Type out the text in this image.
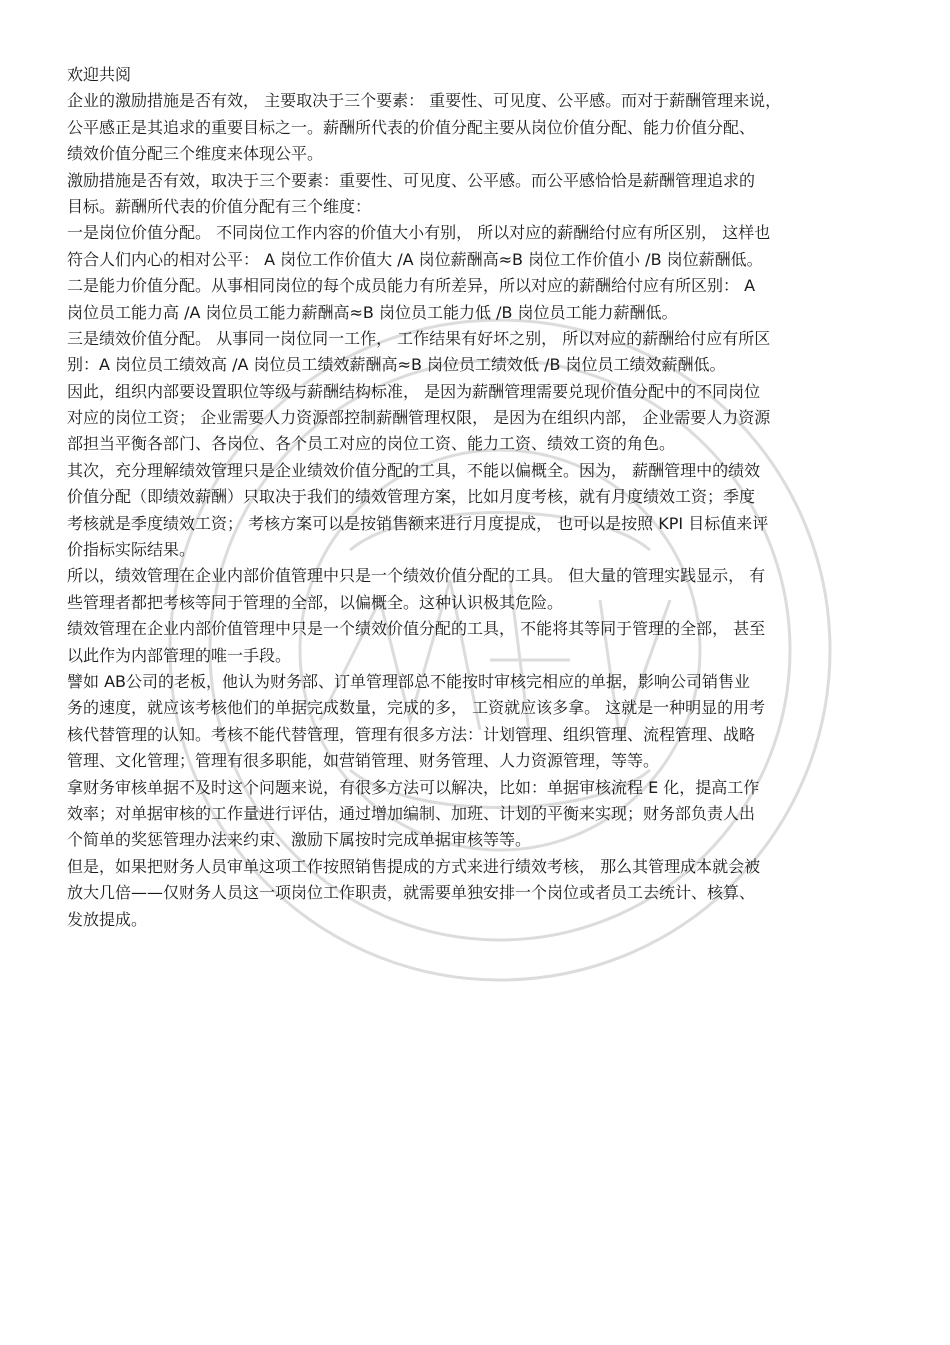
欢迎共阅
企业的激励措施是否有效， 主要取决于三个要素： 重要性、可见度、公平感。而对于薪酬管理来说，
公平感正是其追求的重要目标之一。薪酬所代表的价值分配主要从岗位价值分配、能力价值分配、
绩效价值分配三个维度来体现公平。
激励措施是否有效，取决于三个要素：重要性、可见度、公平感。而公平感恰恰是薪酬管理追求的
目标。薪酬所代表的价值分配有三个维度：
一是岗位价值分配。 不同岗位工作内容的价值大小有别， 所以对应的薪酬给付应有所区别， 这样也
符合人们内心的相对公平： A 岗位工作价值大 /A 岗位薪酬高≈B 岗位工作价值小 /B 岗位薪酬低。
二是能力价值分配。从事相同岗位的每个成员能力有所差异，所以对应的薪酬给付应有所区别： A
岗位员工能力高 /A 岗位员工能力薪酬高≈B 岗位员工能力低 /B 岗位员工能力薪酬低。
三是绩效价值分配。 从事同一岗位同一工作， 工作结果有好坏之别， 所以对应的薪酬给付应有所区
别：A 岗位员工绩效高 /A 岗位员工绩效薪酬高≈B 岗位员工绩效低 /B 岗位员工绩效薪酬低。
因此，组织内部要设置职位等级与薪酬结构标准， 是因为薪酬管理需要兑现价值分配中的不同岗位
对应的岗位工资； 企业需要人力资源部控制薪酬管理权限， 是因为在组织内部， 企业需要人力资源
部担当平衡各部门、各岗位、各个员工对应的岗位工资、能力工资、绩效工资的角色。
其次，充分理解绩效管理只是企业绩效价值分配的工具，不能以偏概全。因为， 薪酬管理中的绩效
价值分配（即绩效薪酬）只取决于我们的绩效管理方案，比如月度考核，就有月度绩效工资；季度
考核就是季度绩效工资； 考核方案可以是按销售额来进行月度提成， 也可以是按照 KPI 目标值来评
价指标实际结果。
所以，绩效管理在企业内部价值管理中只是一个绩效价值分配的工具。 但大量的管理实践显示， 有
些管理者都把考核等同于管理的全部，以偏概全。这种认识极其危险。
绩效管理在企业内部价值管理中只是一个绩效价值分配的工具， 不能将其等同于管理的全部， 甚至
以此作为内部管理的唯一手段。
譬如 AB公司的老板，他认为财务部、订单管理部总不能按时审核完相应的单据，影响公司销售业
务的速度，就应该考核他们的单据完成数量，完成的多， 工资就应该多拿。 这就是一种明显的用考
核代替管理的认知。考核不能代替管理，管理有很多方法：计划管理、组织管理、流程管理、战略
管理、文化管理；管理有很多职能，如营销管理、财务管理、人力资源管理，等等。
拿财务审核单据不及时这个问题来说，有很多方法可以解决，比如：单据审核流程 E 化，提高工作
效率；对单据审核的工作量进行评估，通过增加编制、加班、计划的平衡来实现；财务部负责人出
个简单的奖惩管理办法来约束、激励下属按时完成单据审核等等。
但是，如果把财务人员审单这项工作按照销售提成的方式来进行绩效考核， 那么其管理成本就会被
放大几倍——仅财务人员这一项岗位工作职责，就需要单独安排一个岗位或者员工去统计、核算、
发放提成。
